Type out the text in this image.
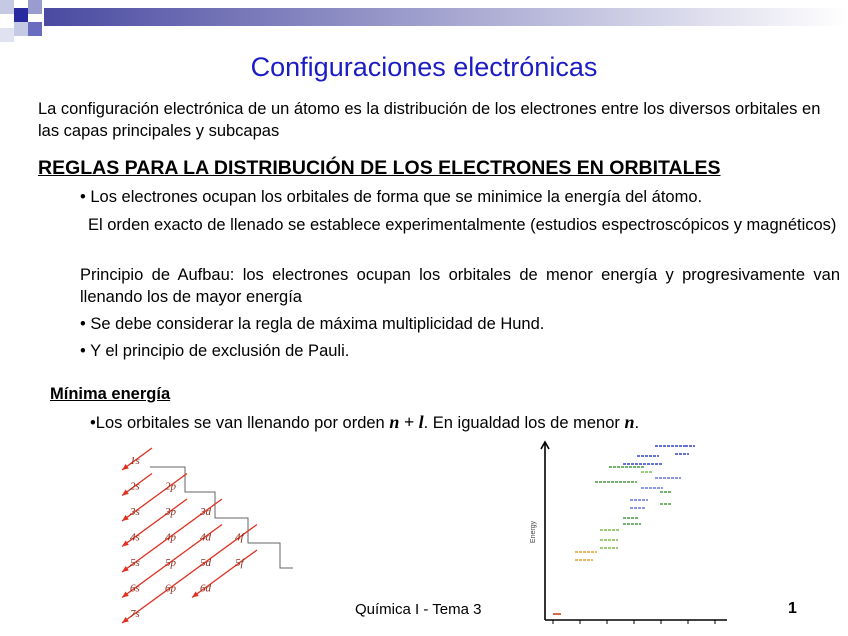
Configuraciones electrónicas

La configuración electrónica de un átomo es la distribución de los electrones entre los diversos orbitales en las capas principales y subcapas

REGLAS PARA LA DISTRIBUCIÓN DE LOS ELECTRONES EN ORBITALES

• Los electrones ocupan los orbitales de forma que se minimice la energía del átomo.

El orden exacto de llenado se establece experimentalmente (estudios espectroscópicos y magnéticos)

Principio de Aufbau: los electrones ocupan los orbitales de menor energía y progresivamente van llenando los de mayor energía

• Se debe considerar la regla de máxima multiplicidad de Hund.

• Y el principio de exclusión de Pauli.

Mínima energía

•Los orbitales se van llenando por orden n + l. En igualdad los de menor n.

1s
2s 2p
3s 3p 3d
4s 4p 4d 4f
5s 5p 5d 5f
6s 6p 6d
7s
Energy

Química I - Tema 3	1
